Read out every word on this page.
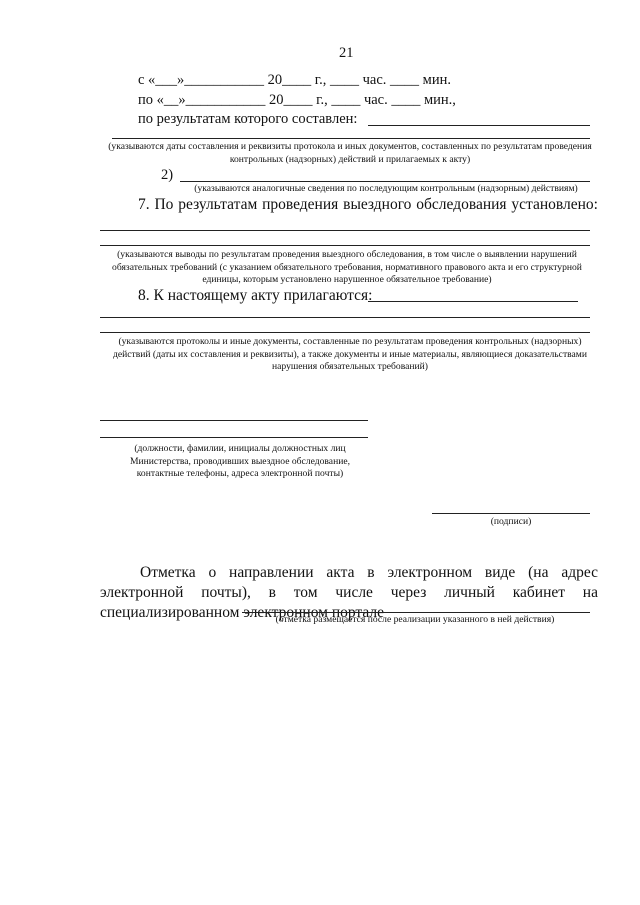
21
с «___»___________ 20____ г., ____ час. ____ мин.
по «__»___________ 20____ г., ____ час. ____ мин.,
по результатам которого составлен:
(указываются даты составления и реквизиты протокола и иных документов, составленных по результатам проведения контрольных (надзорных) действий и прилагаемых к акту)
2)
(указываются аналогичные сведения по последующим контрольным (надзорным) действиям)
7. По результатам проведения выездного обследования установлено:
(указываются выводы по результатам проведения выездного обследования, в том числе о выявлении нарушений обязательных требований (с указанием обязательного требования, нормативного правового акта и его структурной единицы, которым установлено нарушенное обязательное требование)
8. К настоящему акту прилагаются:
(указываются протоколы и иные документы, составленные по результатам проведения контрольных (надзорных) действий (даты их составления и реквизиты), а также документы и иные материалы, являющиеся доказательствами нарушения обязательных требований)
(должности, фамилии, инициалы должностных лиц Министерства, проводивших выездное обследование, контактные телефоны, адреса электронной почты)
(подписи)
Отметка о направлении акта в электронном виде (на адрес электронной почты), в том числе через личный кабинет на специализированном электронном портале
(отметка размещается после реализации указанного в ней действия)
